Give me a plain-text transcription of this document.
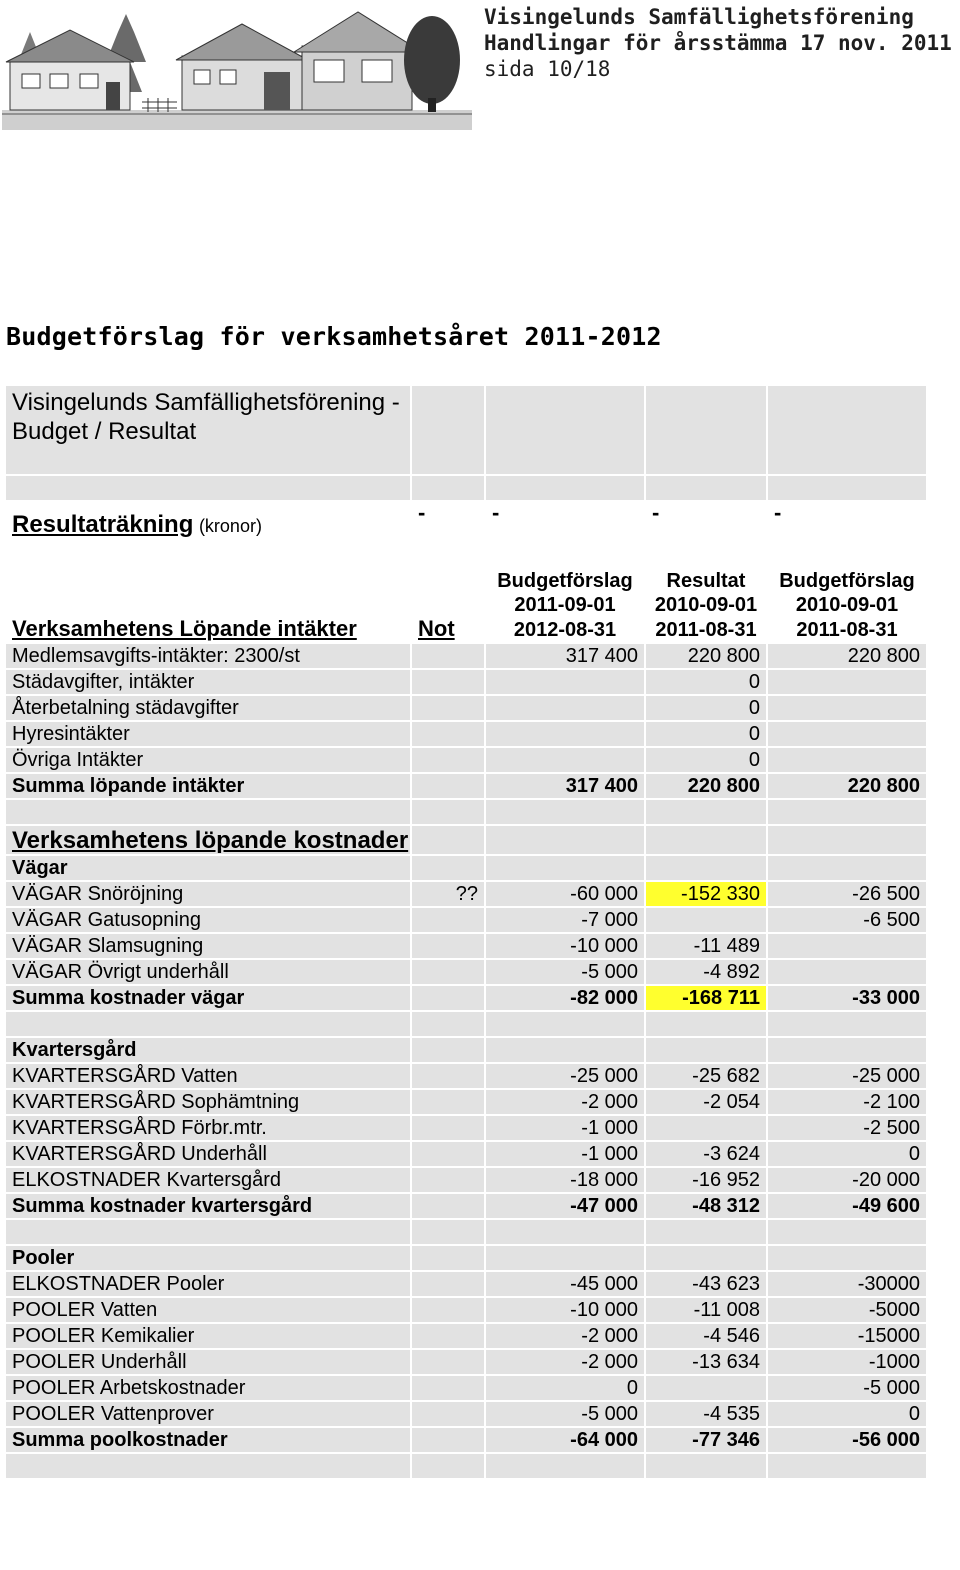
Visingelunds Samfällighetsförening
Handlingar för årsstämma 17 nov. 2011
sida 10/18
Budgetförslag för verksamhetsåret 2011-2012
Visingelunds Samfällighetsförening - Budget / Resultat				

Resultaträkning (kronor)	-	-	-	-
Verksamhetens Löpande intäkter	Not	Budgetförslag 2011-09-01 2012-08-31	Resultat 2010-09-01 2011-08-31	Budgetförslag 2010-09-01 2011-08-31
Medlemsavgifts-intäkter: 2300/st		317 400	220 800	220 800
Städavgifter, intäkter			0	
Återbetalning städavgifter			0	
Hyresintäkter			0	
Övriga Intäkter			0	
Summa löpande intäkter		317 400	220 800	220 800

Verksamhetens löpande kostnader				
Vägar				
VÄGAR Snöröjning	??	-60 000	-152 330	-26 500
VÄGAR Gatusopning		-7 000		-6 500
VÄGAR Slamsugning		-10 000	-11 489	
VÄGAR Övrigt underhåll		-5 000	-4 892	
Summa kostnader vägar		-82 000	-168 711	-33 000

Kvartersgård				
KVARTERSGÅRD Vatten		-25 000	-25 682	-25 000
KVARTERSGÅRD Sophämtning		-2 000	-2 054	-2 100
KVARTERSGÅRD Förbr.mtr.		-1 000		-2 500
KVARTERSGÅRD Underhåll		-1 000	-3 624	0
ELKOSTNADER Kvartersgård		-18 000	-16 952	-20 000
Summa kostnader kvartersgård		-47 000	-48 312	-49 600

Pooler				
ELKOSTNADER Pooler		-45 000	-43 623	-30000
POOLER Vatten		-10 000	-11 008	-5000
POOLER Kemikalier		-2 000	-4 546	-15000
POOLER Underhåll		-2 000	-13 634	-1000
POOLER Arbetskostnader		0		-5 000
POOLER Vattenprover		-5 000	-4 535	0
Summa poolkostnader		-64 000	-77 346	-56 000
